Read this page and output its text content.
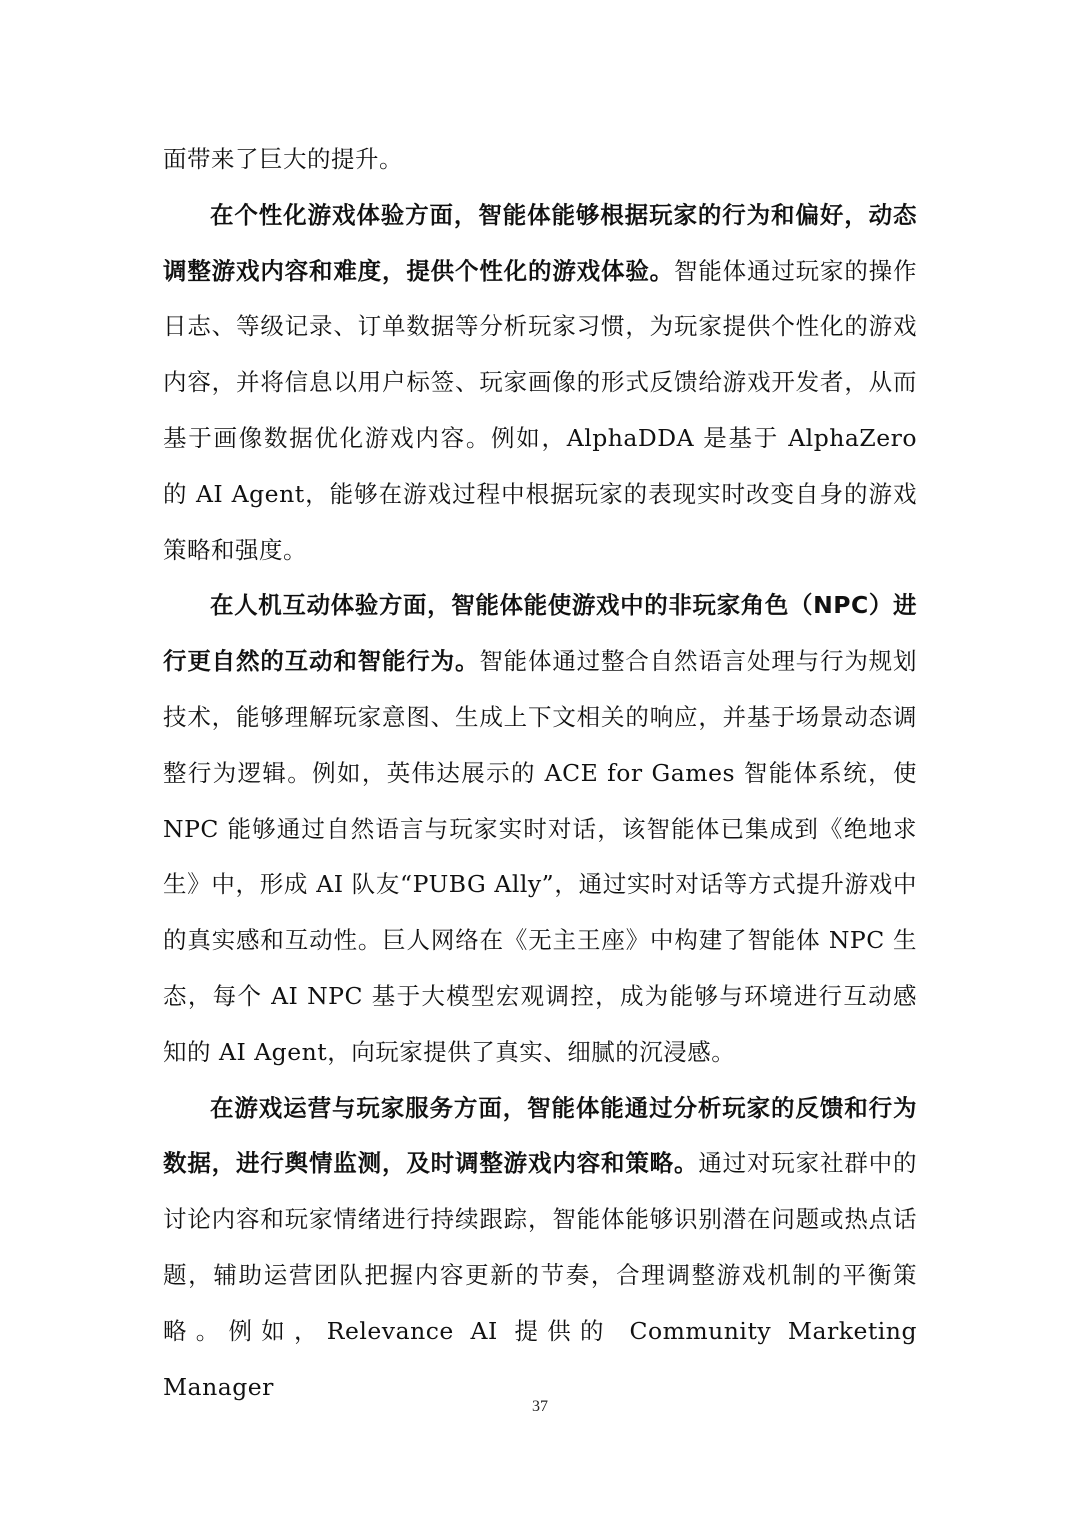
面带来了巨大的提升。

在个性化游戏体验方面，智能体能够根据玩家的行为和偏好，动态调整游戏内容和难度，提供个性化的游戏体验。智能体通过玩家的操作日志、等级记录、订单数据等分析玩家习惯，为玩家提供个性化的游戏内容，并将信息以用户标签、玩家画像的形式反馈给游戏开发者，从而基于画像数据优化游戏内容。例如，AlphaDDA 是基于 AlphaZero 的 AI Agent，能够在游戏过程中根据玩家的表现实时改变自身的游戏策略和强度。

在人机互动体验方面，智能体能使游戏中的非玩家角色（NPC）进行更自然的互动和智能行为。智能体通过整合自然语言处理与行为规划技术，能够理解玩家意图、生成上下文相关的响应，并基于场景动态调整行为逻辑。例如，英伟达展示的 ACE for Games 智能体系统，使 NPC 能够通过自然语言与玩家实时对话，该智能体已集成到《绝地求生》中，形成 AI 队友“PUBG Ally”，通过实时对话等方式提升游戏中的真实感和互动性。巨人网络在《无主王座》中构建了智能体 NPC 生态，每个 AI NPC 基于大模型宏观调控，成为能够与环境进行互动感知的 AI Agent，向玩家提供了真实、细腻的沉浸感。

在游戏运营与玩家服务方面，智能体能通过分析玩家的反馈和行为数据，进行舆情监测，及时调整游戏内容和策略。通过对玩家社群中的讨论内容和玩家情绪进行持续跟踪，智能体能够识别潜在问题或热点话题，辅助运营团队把握内容更新的节奏，合理调整游戏机制的平衡策略。例如，Relevance AI 提供的 Community Marketing Manager

37
